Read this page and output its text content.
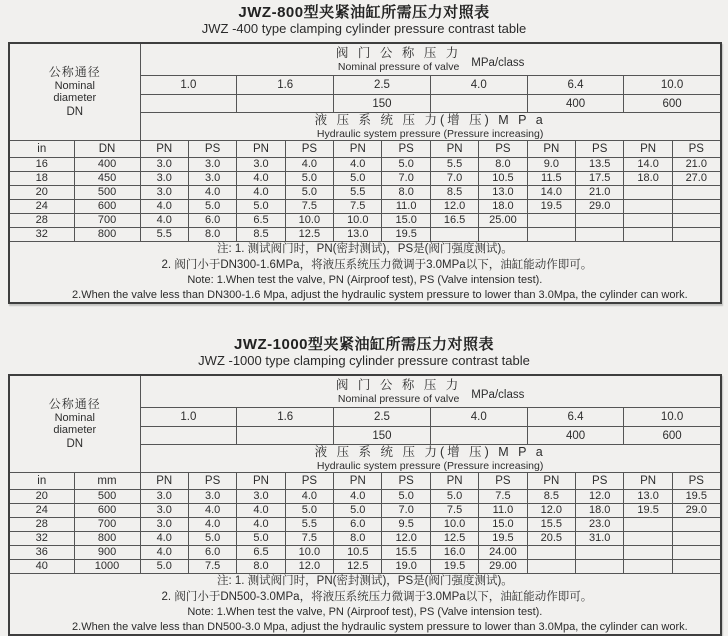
JWZ-800型夹紧油缸所需压力对照表
JWZ -400 type clamping cylinder pressure contrast table
公称通径
Nominal
diameter
DN

阀 门 公 称 压 力
Nominal pressure of valve MPa/class

		1.0		1.6		2.5		4.0		6.4		10.0	
						150				400		600	

		液 压 系 统 压 力(增 压) M P a
Hydraulic system pressure (Pressure increasing)											

in	DN	PN	PS	PN	PS	PN	PS	PN	PS	PN	PS	PN	PS
16	400	3.0	3.0	3.0	4.0	4.0	5.0	5.5	8.0	9.0	13.5	14.0	21.0
18	450	3.0	3.0	4.0	5.0	5.0	7.0	7.0	10.5	11.5	17.5	18.0	27.0
20	500	3.0	4.0	4.0	5.0	5.5	8.0	8.5	13.0	14.0	21.0		
24	600	4.0	5.0	5.0	7.5	7.5	11.0	12.0	18.0	19.5	29.0		
28	700	4.0	6.0	6.5	10.0	10.0	15.0	16.5	25.00				
32	800	5.5	8.0	8.5	12.5	13.0	19.5						

注: 1. 测试阀门时，PN(密封测试)，PS是(阀门强度测试)。
2. 阀门小于DN300-1.6MPa，将液压系统压力微调于3.0MPa以下，油缸能动作即可。
Note: 1.When test the valve, PN (Airproof test), PS (Valve intension test).
2.When the valve less than DN300-1.6 Mpa, adjust the hydraulic system pressure to lower than 3.0Mpa, the cylinder can work.													
JWZ-1000型夹紧油缸所需压力对照表
JWZ -1000 type clamping cylinder pressure contrast table
公称通径
Nominal
diameter
DN

阀 门 公 称 压 力
Nominal pressure of valve MPa/class

		1.0		1.6		2.5		4.0		6.4		10.0	
						150				400		600	

		液 压 系 统 压 力(增 压) M P a
Hydraulic system pressure (Pressure increasing)											

in	mm	PN	PS	PN	PS	PN	PS	PN	PS	PN	PS	PN	PS
20	500	3.0	3.0	3.0	4.0	4.0	5.0	5.0	7.5	8.5	12.0	13.0	19.5
24	600	3.0	4.0	4.0	5.0	5.0	7.0	7.5	11.0	12.0	18.0	19.5	29.0
28	700	3.0	4.0	4.0	5.5	6.0	9.5	10.0	15.0	15.5	23.0		
32	800	4.0	5.0	5.0	7.5	8.0	12.0	12.5	19.5	20.5	31.0		
36	900	4.0	6.0	6.5	10.0	10.5	15.5	16.0	24.00				
40	1000	5.0	7.5	8.0	12.0	12.5	19.0	19.5	29.00				

注: 1. 测试阀门时，PN(密封测试)，PS是(阀门强度测试)。
2. 阀门小于DN500-3.0MPa，将液压系统压力微调于3.0MPa以下，油缸能动作即可。
Note: 1.When test the valve, PN (Airproof test), PS (Valve intension test).
2.When the valve less than DN500-3.0 Mpa, adjust the hydraulic system pressure to lower than 3.0Mpa, the cylinder can work.													
